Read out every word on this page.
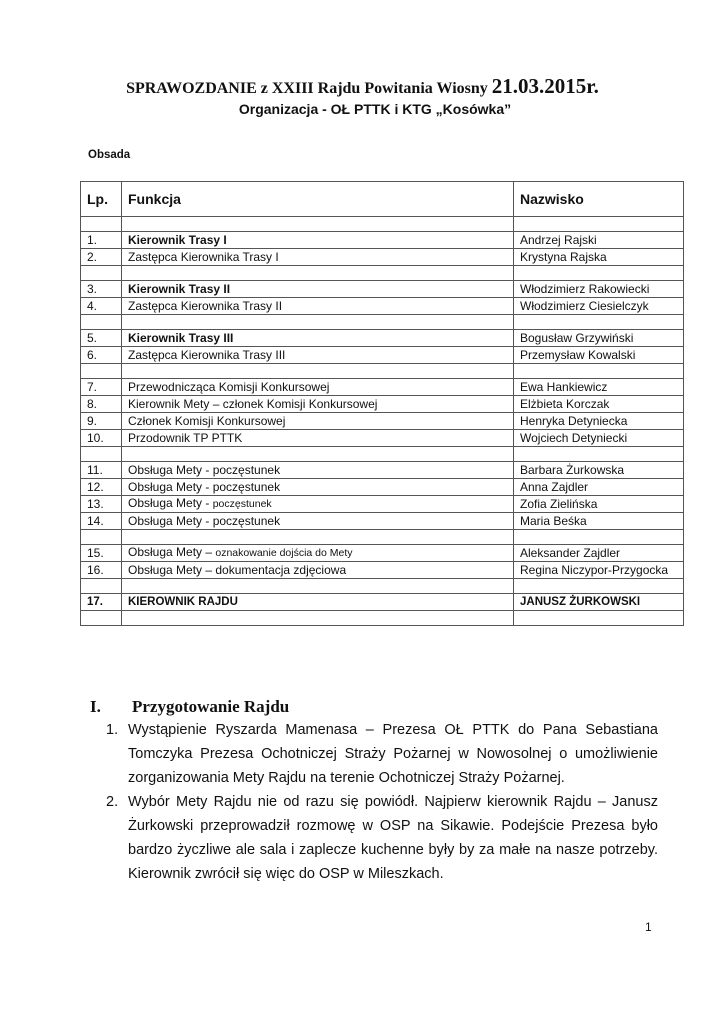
SPRAWOZDANIE z XXIII Rajdu Powitania Wiosny 21.03.2015r.
Organizacja - OŁ PTTK i KTG „Kosówka”
Obsada
Lp.	Funkcja	Nazwisko

1.	Kierownik Trasy I	Andrzej Rajski
2.	Zastępca Kierownika Trasy I	Krystyna Rajska

3.	Kierownik Trasy II	Włodzimierz Rakowiecki
4.	Zastępca Kierownika Trasy II	Włodzimierz Ciesielczyk

5.	Kierownik Trasy III	Bogusław Grzywiński
6.	Zastępca Kierownika Trasy III	Przemysław Kowalski

7.	Przewodnicząca Komisji Konkursowej	Ewa Hankiewicz
8.	Kierownik Mety – członek Komisji Konkursowej	Elżbieta Korczak
9.	Członek Komisji Konkursowej	Henryka Detyniecka
10.	Przodownik TP PTTK	Wojciech Detyniecki

11.	Obsługa Mety - poczęstunek	Barbara Żurkowska
12.	Obsługa Mety - poczęstunek	Anna Zajdler
13.	Obsługa Mety - poczęstunek	Zofia Zielińska
14.	Obsługa Mety - poczęstunek	Maria Beśka

15.	Obsługa Mety – oznakowanie dojścia do Mety	Aleksander Zajdler
16.	Obsługa Mety – dokumentacja zdjęciowa	Regina Niczypor-Przygocka

17.	KIEROWNIK RAJDU	JANUSZ ŻURKOWSKI

I. Przygotowanie Rajdu
1. Wystąpienie Ryszarda Mamenasa – Prezesa OŁ PTTK do Pana Sebastiana Tomczyka Prezesa Ochotniczej Straży Pożarnej w Nowosolnej o umożliwienie zorganizowania Mety Rajdu na terenie Ochotniczej Straży Pożarnej.
2. Wybór Mety Rajdu nie od razu się powiódł. Najpierw kierownik Rajdu – Janusz Żurkowski przeprowadził rozmowę w OSP na Sikawie. Podejście Prezesa było bardzo życzliwe ale sala i zaplecze kuchenne były by za małe na nasze potrzeby. Kierownik zwrócił się więc do OSP w Mileszkach.
1
